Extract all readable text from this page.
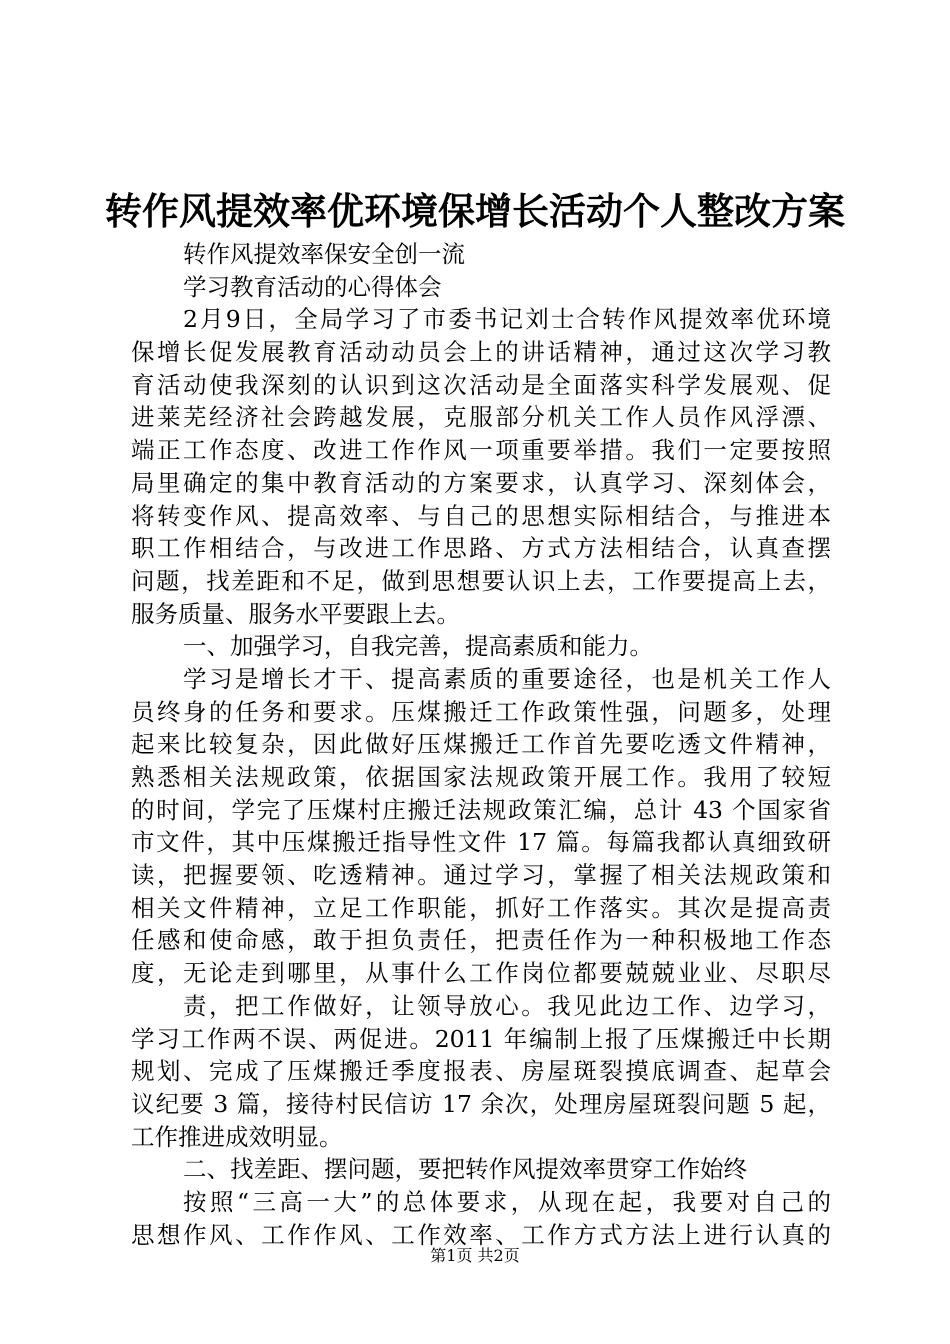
转作风提效率优环境保增长活动个人整改方案
转作风提效率保安全创一流
学习教育活动的心得体会
2月9日，全局学习了市委书记刘士合转作风提效率优环境
保增长促发展教育活动动员会上的讲话精神，通过这次学习教
育活动使我深刻的认识到这次活动是全面落实科学发展观、促
进莱芜经济社会跨越发展，克服部分机关工作人员作风浮漂、
端正工作态度、改进工作作风一项重要举措。我们一定要按照
局里确定的集中教育活动的方案要求，认真学习、深刻体会，
将转变作风、提高效率、与自己的思想实际相结合，与推进本
职工作相结合，与改进工作思路、方式方法相结合，认真查摆
问题，找差距和不足，做到思想要认识上去，工作要提高上去，
服务质量、服务水平要跟上去。
一、加强学习，自我完善，提高素质和能力。
学习是增长才干、提高素质的重要途径，也是机关工作人
员终身的任务和要求。压煤搬迁工作政策性强，问题多，处理
起来比较复杂，因此做好压煤搬迁工作首先要吃透文件精神，
熟悉相关法规政策，依据国家法规政策开展工作。我用了较短
的时间，学完了压煤村庄搬迁法规政策汇编，总计 43 个国家省
市文件，其中压煤搬迁指导性文件 17 篇。每篇我都认真细致研
读，把握要领、吃透精神。通过学习，掌握了相关法规政策和
相关文件精神，立足工作职能，抓好工作落实。其次是提高责
任感和使命感，敢于担负责任，把责任作为一种积极地工作态
度，无论走到哪里，从事什么工作岗位都要兢兢业业、尽职尽
责，把工作做好，让领导放心。我见此边工作、边学习，
学习工作两不误、两促进。2011 年编制上报了压煤搬迁中长期
规划、完成了压煤搬迁季度报表、房屋斑裂摸底调查、起草会
议纪要 3 篇，接待村民信访 17 余次，处理房屋斑裂问题 5 起，
工作推进成效明显。
二、找差距、摆问题，要把转作风提效率贯穿工作始终
按照“三高一大”的总体要求，从现在起，我要对自己的
思想作风、工作作风、工作效率、工作方式方法上进行认真的
第1页 共2页
